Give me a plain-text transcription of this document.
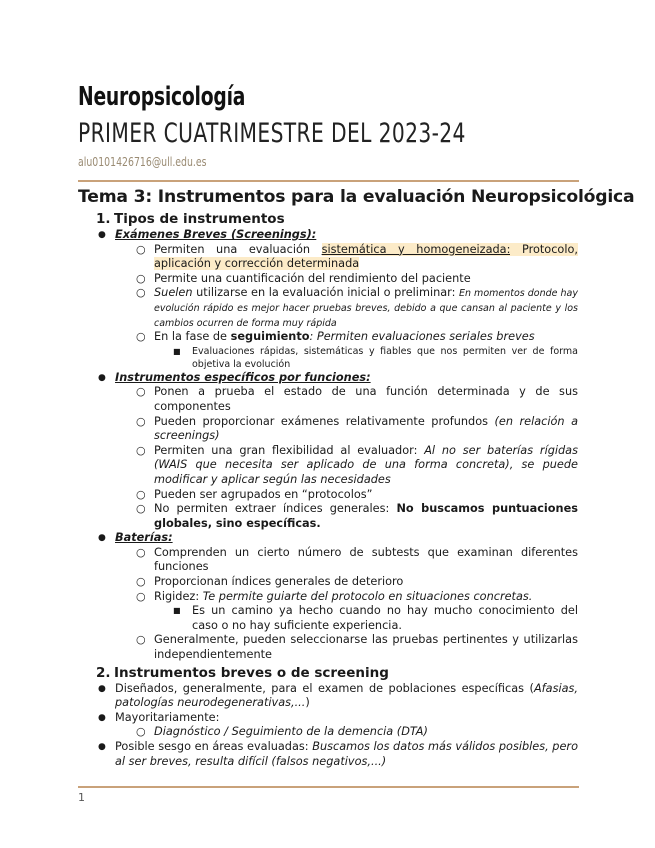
Neuropsicología
PRIMER CUATRIMESTRE DEL 2023-24
alu0101426716@ull.edu.es
Tema 3: Instrumentos para la evaluación Neuropsicológica
1. Tipos de instrumentos
● Exámenes Breves (Screenings):
○ Permiten una evaluación sistemática y homogeneizada: Protocolo, aplicación y corrección determinada
○ Permite una cuantificación del rendimiento del paciente
○ Suelen utilizarse en la evaluación inicial o preliminar: En momentos donde hay evolución rápido es mejor hacer pruebas breves, debido a que cansan al paciente y los cambios ocurren de forma muy rápida
○ En la fase de seguimiento: Permiten evaluaciones seriales breves
■ Evaluaciones rápidas, sistemáticas y fiables que nos permiten ver de forma objetiva la evolución
● Instrumentos específicos por funciones:
○ Ponen a prueba el estado de una función determinada y de sus componentes
○ Pueden proporcionar exámenes relativamente profundos (en relación a screenings)
○ Permiten una gran flexibilidad al evaluador: Al no ser baterías rígidas (WAIS que necesita ser aplicado de una forma concreta), se puede modificar y aplicar según las necesidades
○ Pueden ser agrupados en “protocolos”
○ No permiten extraer índices generales: No buscamos puntuaciones globales, sino específicas.
● Baterías:
○ Comprenden un cierto número de subtests que examinan diferentes funciones
○ Proporcionan índices generales de deterioro
○ Rigidez: Te permite guiarte del protocolo en situaciones concretas.
■ Es un camino ya hecho cuando no hay mucho conocimiento del caso o no hay suficiente experiencia.
○ Generalmente, pueden seleccionarse las pruebas pertinentes y utilizarlas independientemente
2. Instrumentos breves o de screening
● Diseñados, generalmente, para el examen de poblaciones específicas (Afasias, patologías neurodegenerativas,...)
● Mayoritariamente:
○ Diagnóstico / Seguimiento de la demencia (DTA)
● Posible sesgo en áreas evaluadas: Buscamos los datos más válidos posibles, pero al ser breves, resulta difícil (falsos negativos,...)
1
